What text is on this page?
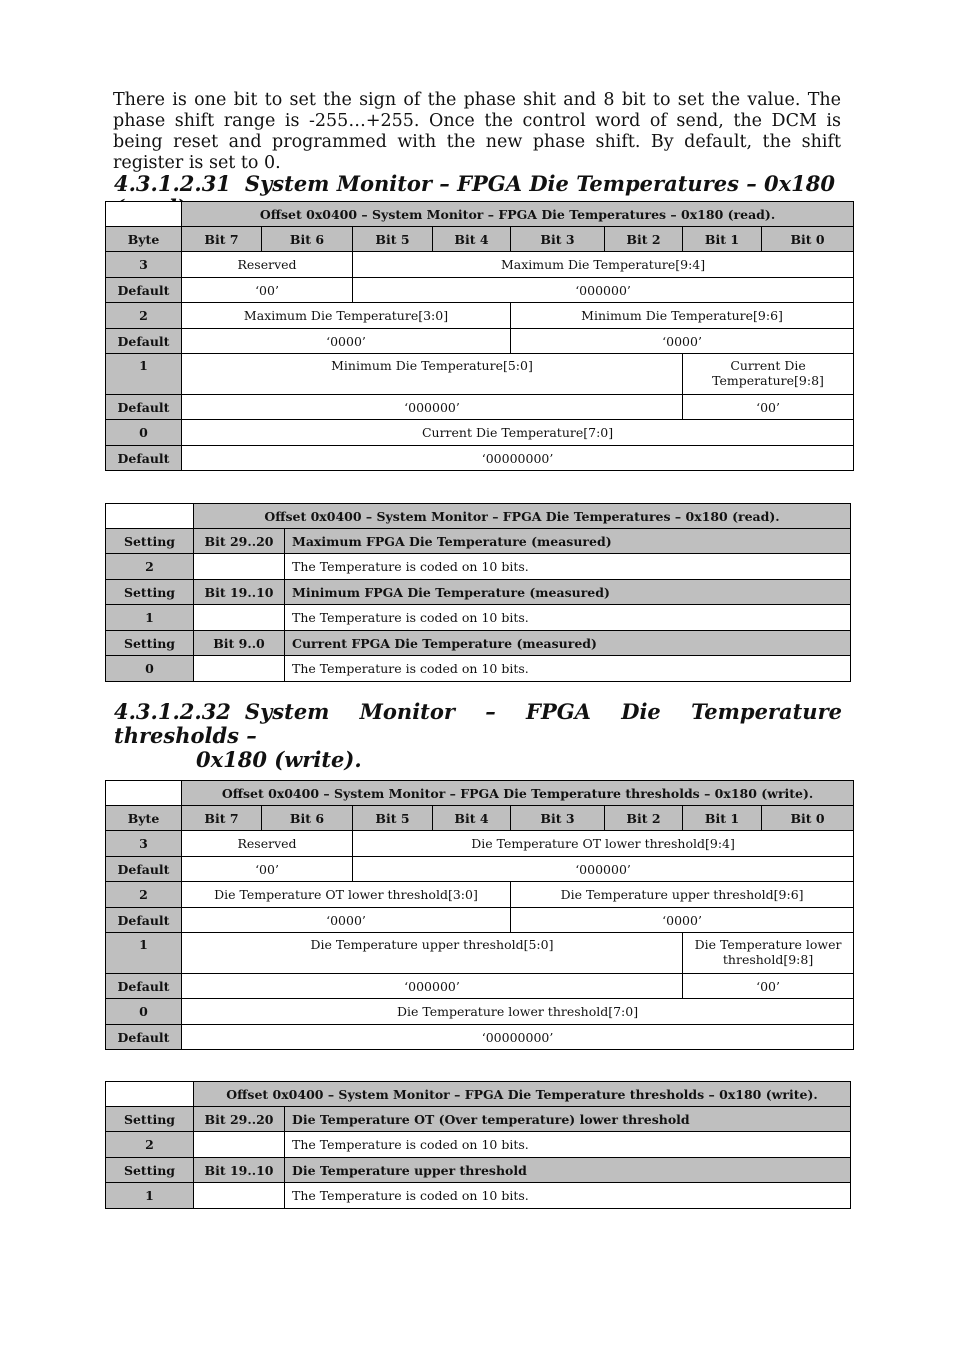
There is one bit to set the sign of the phase shit and 8 bit to set the value. The phase shift range is -255…+255. Once the control word of send, the DCM is being reset and programmed with the new phase shift. By default, the shift register is set to 0.

4.3.1.2.31 System Monitor – FPGA Die Temperatures – 0x180
	Offset 0x0400 – System Monitor – FPGA Die Temperatures – 0x180 (read).							
Byte	Bit 7	Bit 6	Bit 5	Bit 4	Bit 3	Bit 2	Bit 1	Bit 0
3	Reserved		Maximum Die Temperature[9:4]					
Default	‘00’		‘000000’					
2	Maximum Die Temperature[3:0]				Minimum Die Temperature[9:6]			
Default	‘0000’				‘0000’			
1	Minimum Die Temperature[5:0]						Current Die Temperature[9:8]	
Default	‘000000’						‘00’	
0	Current Die Temperature[7:0]							
Default	‘00000000’							
	Offset 0x0400 – System Monitor – FPGA Die Temperatures – 0x180 (read).	
Setting	Bit 29..20	Maximum FPGA Die Temperature (measured)
2		The Temperature is coded on 10 bits.
Setting	Bit 19..10	Minimum FPGA Die Temperature (measured)
1		The Temperature is coded on 10 bits.
Setting	Bit 9..0	Current FPGA Die Temperature (measured)
0		The Temperature is coded on 10 bits.
4.3.1.2.32 System Monitor – FPGA Die Temperature thresholds –
0x180 (write).
	Offset 0x0400 – System Monitor – FPGA Die Temperature thresholds – 0x180 (write).							
Byte	Bit 7	Bit 6	Bit 5	Bit 4	Bit 3	Bit 2	Bit 1	Bit 0
3	Reserved		Die Temperature OT lower threshold[9:4]					
Default	‘00’		‘000000’					
2	Die Temperature OT lower threshold[3:0]				Die Temperature upper threshold[9:6]			
Default	‘0000’				‘0000’			
1	Die Temperature upper threshold[5:0]						Die Temperature lower threshold[9:8]	
Default	‘000000’						‘00’	
0	Die Temperature lower threshold[7:0]							
Default	‘00000000’							
	Offset 0x0400 – System Monitor – FPGA Die Temperature thresholds – 0x180 (write).	
Setting	Bit 29..20	Die Temperature OT (Over temperature) lower threshold
2		The Temperature is coded on 10 bits.
Setting	Bit 19..10	Die Temperature upper threshold
1		The Temperature is coded on 10 bits.
